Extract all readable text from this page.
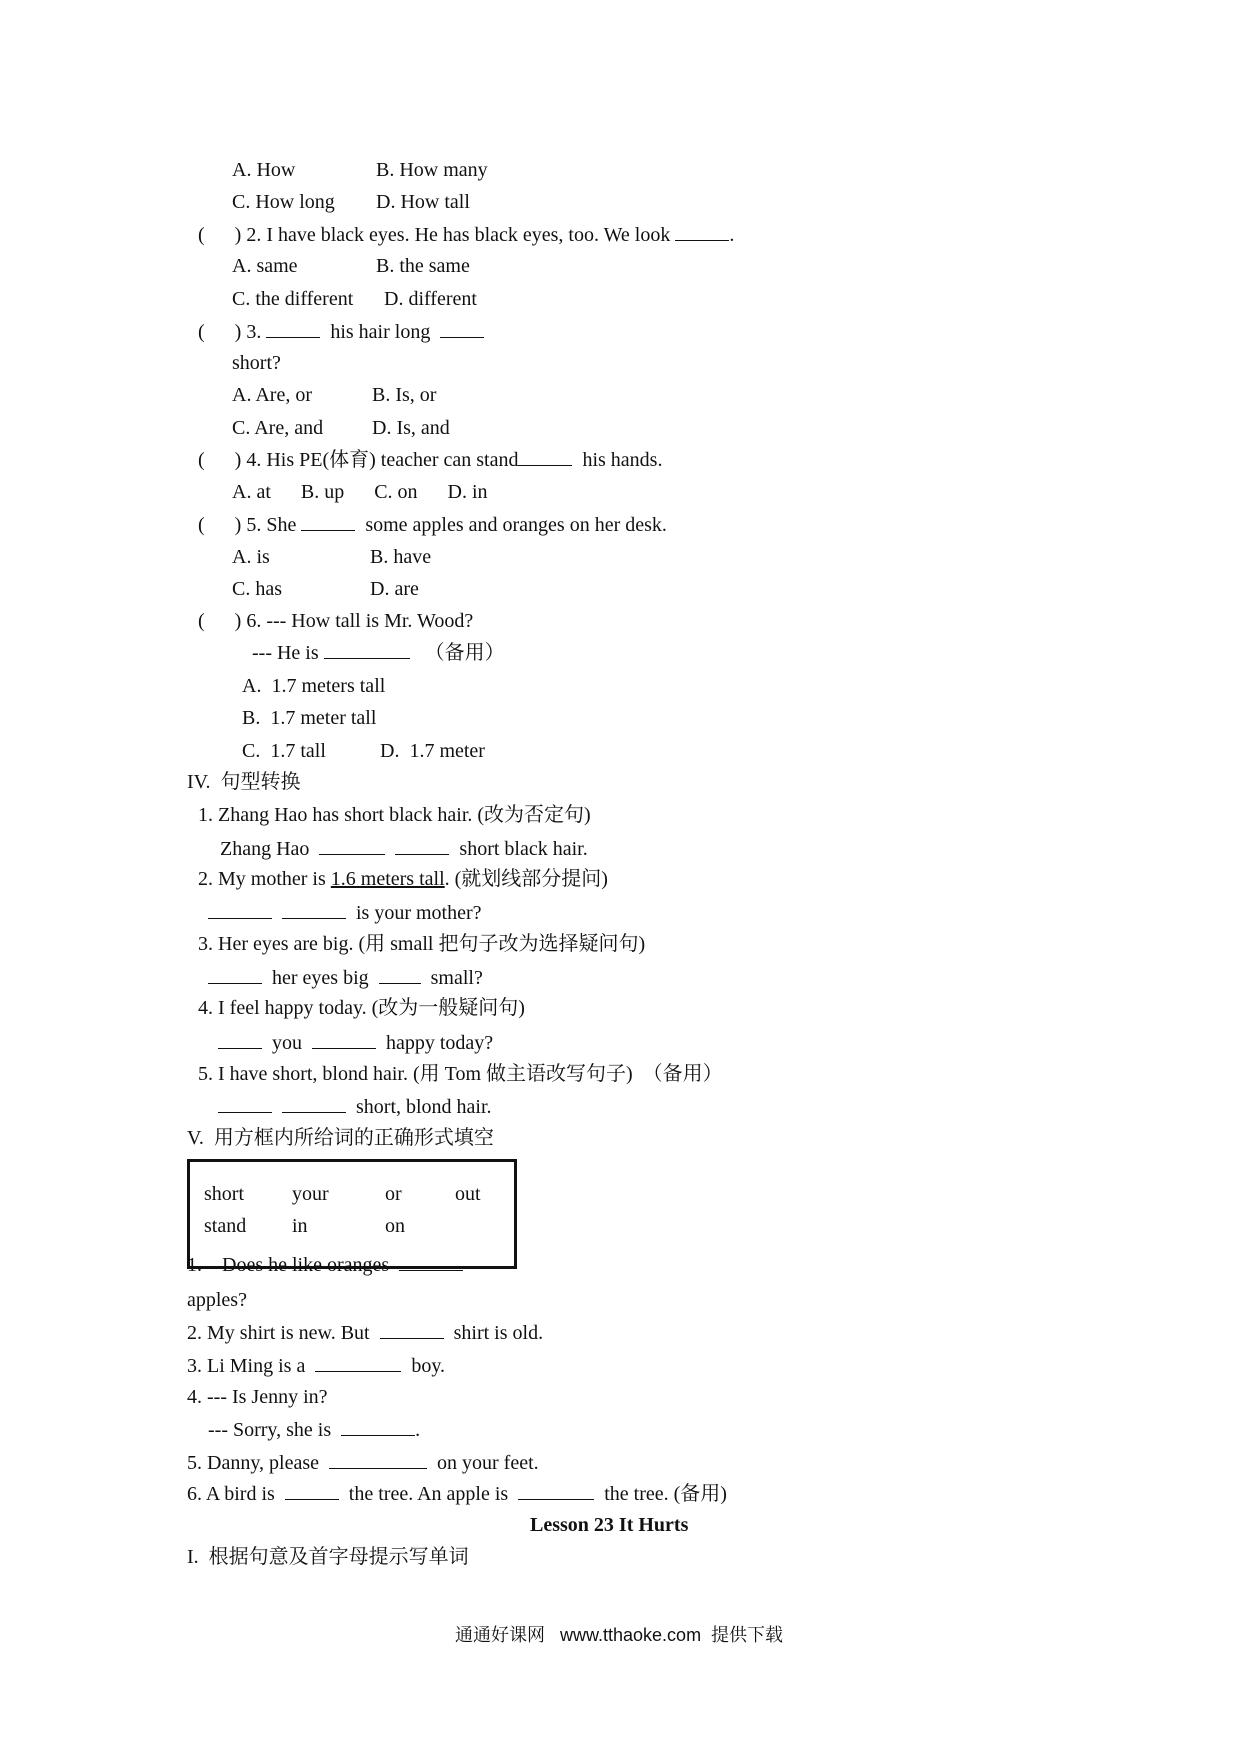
A. How	B. How many
C. How long D. How tall
(      ) 2. I have black eyes. He has black eyes, too. We look	.
A. same	B. the same
C. the different D. different
(      ) 3.	his hair long
short?
A. Are, or	B. Is, or
C. Are, and D. Is, and
(      ) 4. His PE(体育) teacher can stand	his hands.
A. at      B. up      C. on      D. in
(      ) 5. She	some apples and oranges on her desk.
A. is	B. have
C. has	D. are
(      ) 6. --- How tall is Mr. Wood?
--- He is	（备用）
A.  1.7 meters tall
B.  1.7 meter tall
C.  1.7 tall	D.  1.7 meter
IV.  句型转换
1. Zhang Hao has short black hair. (改为否定句)
Zhang Hao	short black hair.
2. My mother is 1.6 meters tall. (就划线部分提问)
is your mother?
3. Her eyes are big. (用 small 把句子改为选择疑问句)
her eyes big	small?
4. I feel happy today. (改为一般疑问句)
you	happy today?
5. I have short, blond hair. (用 Tom 做主语改写句子)  （备用）
short, blond hair.
V.  用方框内所给词的正确形式填空
short your	or	out
stand in	on
1.    Does he like oranges
apples?
2. My shirt is new. But	shirt is old.
3. Li Ming is a	boy.
4. --- Is Jenny in?
--- Sorry, she is	.
5. Danny, please	on your feet.
6. A bird is	the tree. An apple is	the tree. (备用)
Lesson 23 It Hurts
I.  根据句意及首字母提示写单词
通通好课网   www.tthaoke.com  提供下载
